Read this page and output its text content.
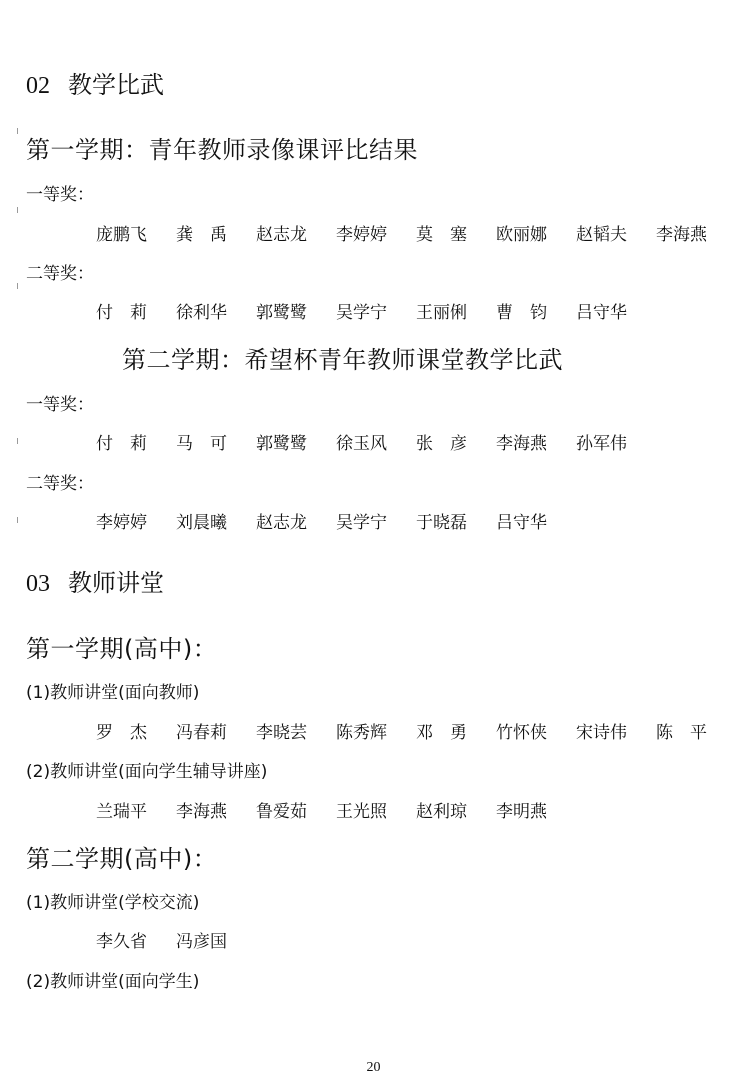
02 教学比武
第一学期：青年教师录像课评比结果
一等奖：
庞鹏飞	龚　禹	赵志龙	李婷婷	莫　塞	欧丽娜	赵韬夫	李海燕
二等奖：
付　莉	徐利华	郭鹭鹭	吴学宁	王丽俐	曹　钧	吕守华
第二学期：希望杯青年教师课堂教学比武
一等奖：
付　莉	马　可	郭鹭鹭	徐玉风	张　彦	李海燕	孙军伟
二等奖：
李婷婷	刘晨曦	赵志龙	吴学宁	于晓磊	吕守华
03 教师讲堂
第一学期(高中)：
(1)教师讲堂(面向教师)
罗　杰	冯春莉	李晓芸	陈秀辉	邓　勇	竹怀侠	宋诗伟	陈　平
(2)教师讲堂(面向学生辅导讲座)
兰瑞平	李海燕	鲁爱茹	王光照	赵利琼	李明燕
第二学期(高中)：
(1)教师讲堂(学校交流)
李久省	冯彦国
(2)教师讲堂(面向学生)
20
